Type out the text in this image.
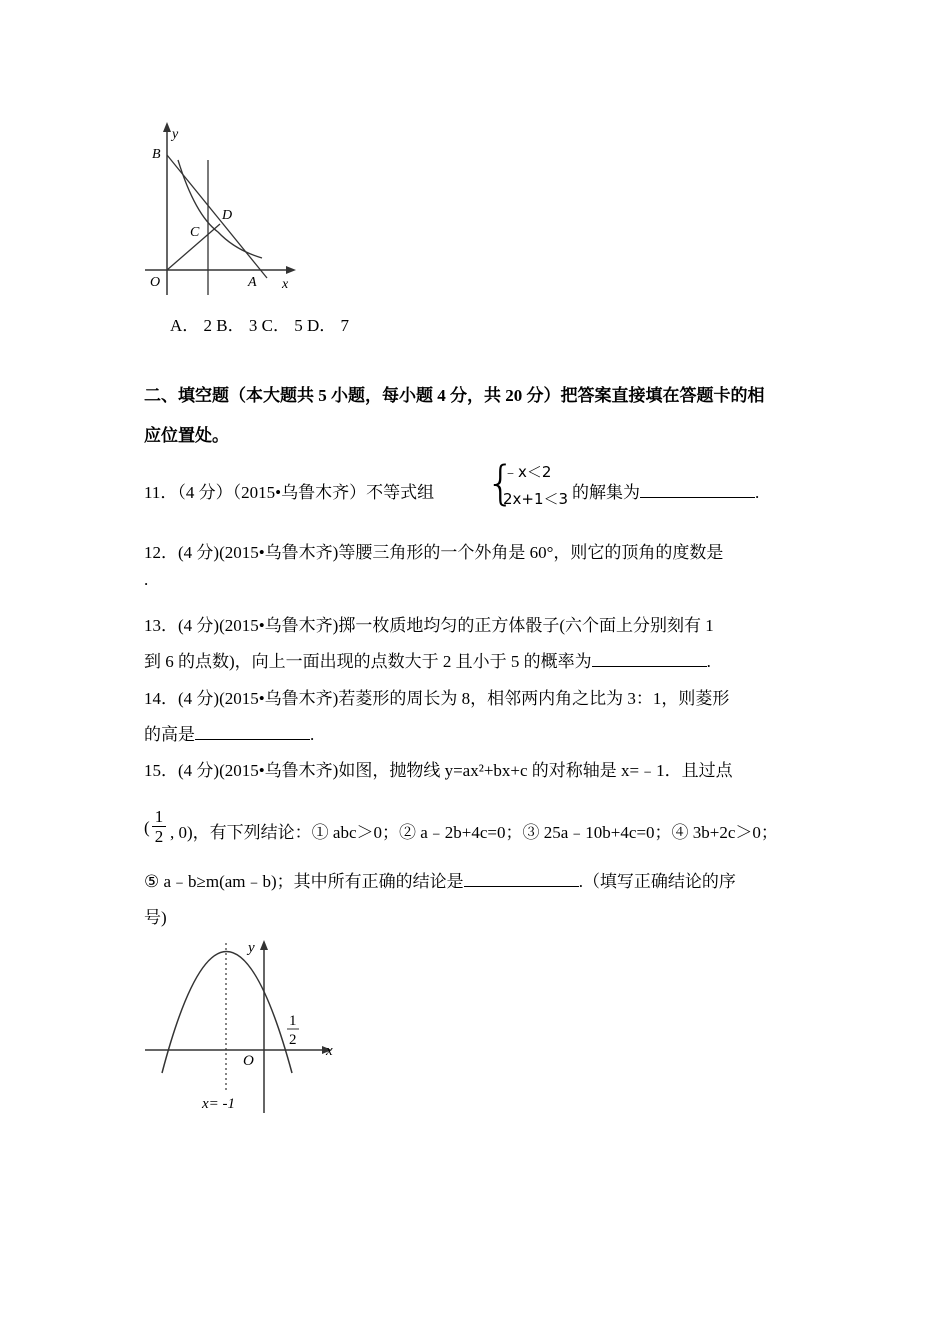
y
B
D
C
O	A x
A． 2 B． 3 C． 5 D． 7
二、填空题（本大题共 5 小题，每小题 4 分，共 20 分）把答案直接填在答题卡的相
应位置处。
11．（4 分）（2015•乌鲁木齐）不等式组 {
﹣x＜2
2x+1＜3 的解集为	.
12．(4 分)(2015•乌鲁木齐)等腰三角形的一个外角是 60°，则它的顶角的度数是
.
13．(4 分)(2015•乌鲁木齐)掷一枚质地均匀的正方体骰子(六个面上分别刻有 1
到 6 的点数)，向上一面出现的点数大于 2 且小于 5 的概率为	.
14．(4 分)(2015•乌鲁木齐)若菱形的周长为 8，相邻两内角之比为 3：1，则菱形
的高是	.
15．(4 分)(2015•乌鲁木齐)如图，抛物线 y=ax²+bx+c 的对称轴是 x=﹣1．且过点
(
1
2 , 0)，有下列结论：① abc＞0；② a﹣2b+4c=0；③ 25a﹣10b+4c=0；④ 3b+2c＞0；
⑤ a﹣b≥m(am﹣b)；其中所有正确的结论是	.（填写正确结论的序
号)
y
x
O
1
2
x= -1
